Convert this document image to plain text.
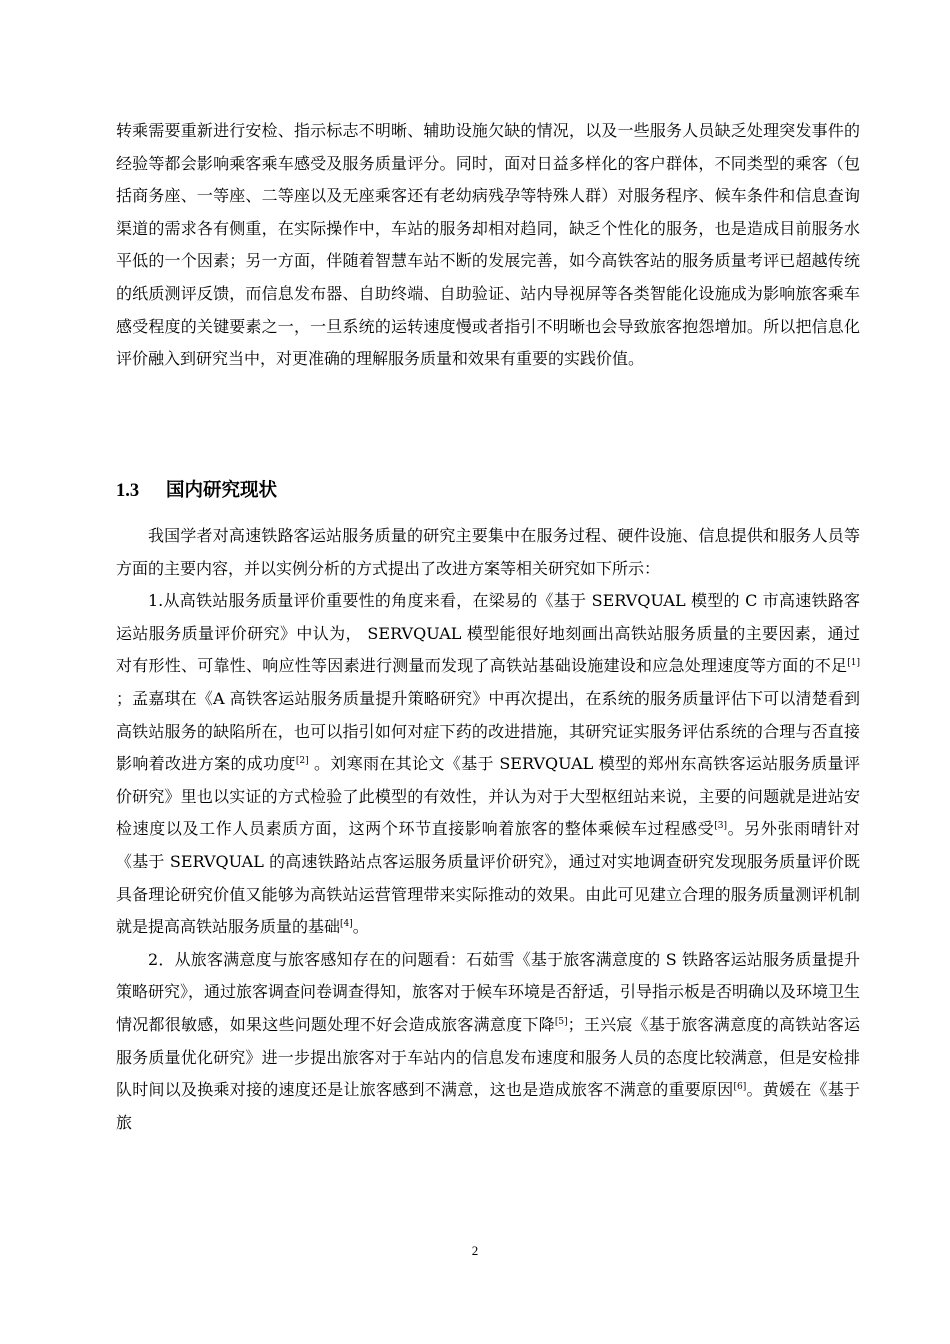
转乘需要重新进行安检、指示标志不明晰、辅助设施欠缺的情况，以及一些服务人员缺乏处理突发事件的经验等都会影响乘客乘车感受及服务质量评分。同时，面对日益多样化的客户群体，不同类型的乘客（包括商务座、一等座、二等座以及无座乘客还有老幼病残孕等特殊人群）对服务程序、候车条件和信息查询渠道的需求各有侧重，在实际操作中，车站的服务却相对趋同，缺乏个性化的服务，也是造成目前服务水平低的一个因素；另一方面，伴随着智慧车站不断的发展完善，如今高铁客站的服务质量考评已超越传统的纸质测评反馈，而信息发布器、自助终端、自助验证、站内导视屏等各类智能化设施成为影响旅客乘车感受程度的关键要素之一，一旦系统的运转速度慢或者指引不明晰也会导致旅客抱怨增加。所以把信息化评价融入到研究当中，对更准确的理解服务质量和效果有重要的实践价值。

1.3 国内研究现状

我国学者对高速铁路客运站服务质量的研究主要集中在服务过程、硬件设施、信息提供和服务人员等方面的主要内容，并以实例分析的方式提出了改进方案等相关研究如下所示：

1.从高铁站服务质量评价重要性的角度来看，在梁易的《基于 SERVQUAL 模型的 C 市高速铁路客运站服务质量评价研究》中认为， SERVQUAL 模型能很好地刻画出高铁站服务质量的主要因素，通过对有形性、可靠性、响应性等因素进行测量而发现了高铁站基础设施建设和应急处理速度等方面的不足[1] ；孟嘉琪在《A 高铁客运站服务质量提升策略研究》中再次提出，在系统的服务质量评估下可以清楚看到高铁站服务的缺陷所在，也可以指引如何对症下药的改进措施，其研究证实服务评估系统的合理与否直接影响着改进方案的成功度[2] 。刘寒雨在其论文《基于 SERVQUAL 模型的郑州东高铁客运站服务质量评价研究》里也以实证的方式检验了此模型的有效性，并认为对于大型枢纽站来说，主要的问题就是进站安检速度以及工作人员素质方面，这两个环节直接影响着旅客的整体乘候车过程感受[3]。另外张雨晴针对《基于 SERVQUAL 的高速铁路站点客运服务质量评价研究》，通过对实地调查研究发现服务质量评价既具备理论研究价值又能够为高铁站运营管理带来实际推动的效果。由此可见建立合理的服务质量测评机制就是提高高铁站服务质量的基础[4]。

2．从旅客满意度与旅客感知存在的问题看：石茹雪《基于旅客满意度的 S 铁路客运站服务质量提升策略研究》，通过旅客调查问卷调查得知，旅客对于候车环境是否舒适，引导指示板是否明确以及环境卫生情况都很敏感，如果这些问题处理不好会造成旅客满意度下降[5]；王兴宸《基于旅客满意度的高铁站客运服务质量优化研究》进一步提出旅客对于车站内的信息发布速度和服务人员的态度比较满意，但是安检排队时间以及换乘对接的速度还是让旅客感到不满意，这也是造成旅客不满意的重要原因[6]。黄媛在《基于旅

2
